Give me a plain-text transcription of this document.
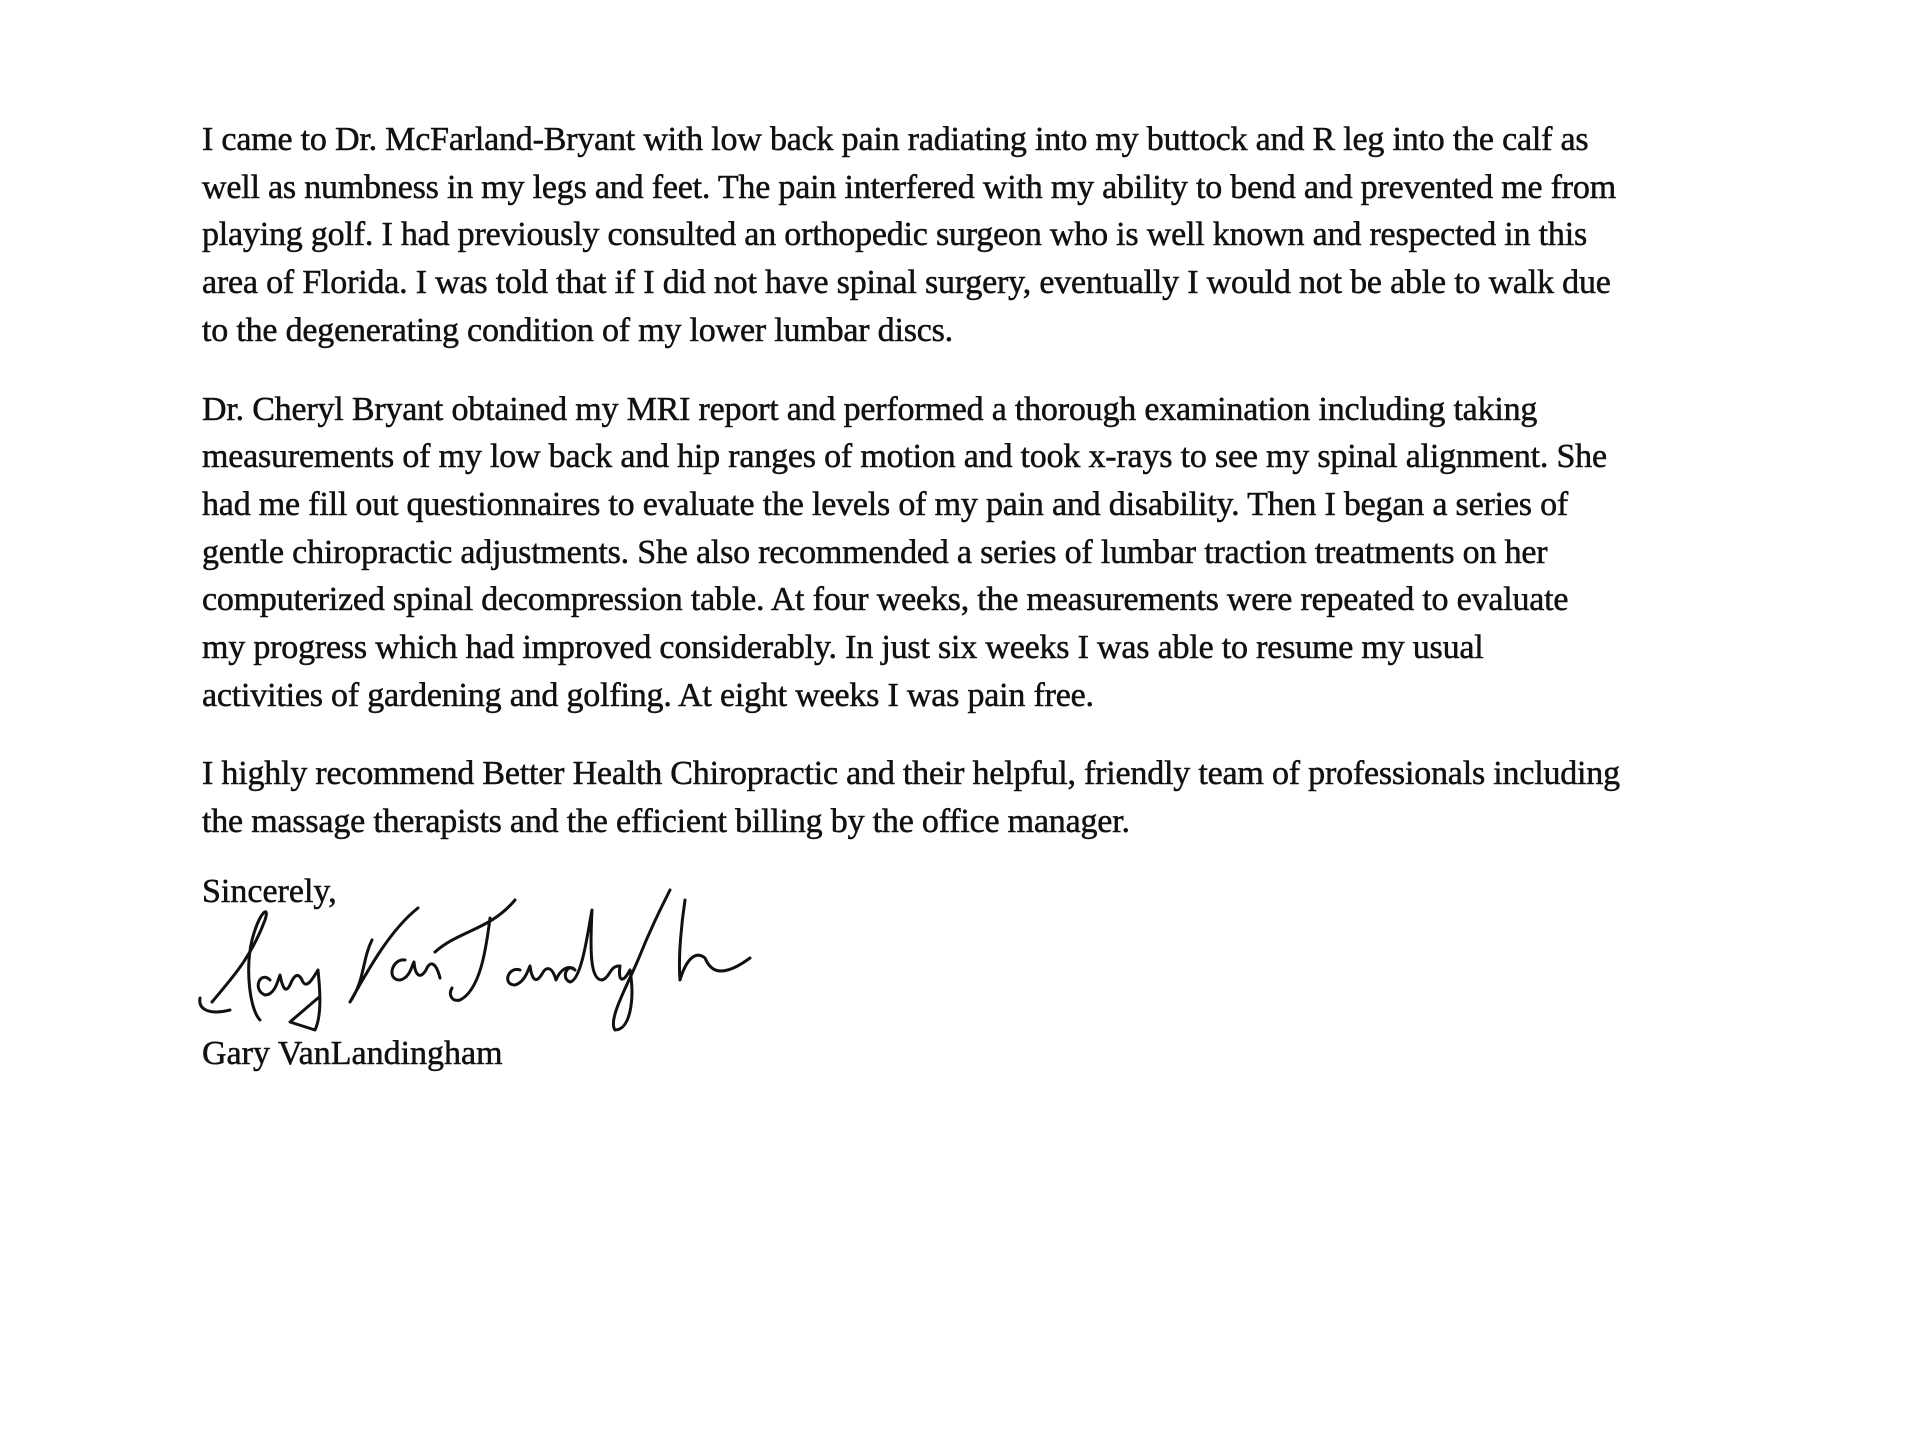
I came to Dr. McFarland-Bryant with low back pain radiating into my buttock and R leg into the calf as
well as numbness in my legs and feet. The pain interfered with my ability to bend and prevented me from
playing golf. I had previously consulted an orthopedic surgeon who is well known and respected in this
area of Florida. I was told that if I did not have spinal surgery, eventually I would not be able to walk due
to the degenerating condition of my lower lumbar discs.

Dr. Cheryl Bryant obtained my MRI report and performed a thorough examination including taking
measurements of my low back and hip ranges of motion and took x-rays to see my spinal alignment. She
had me fill out questionnaires to evaluate the levels of my pain and disability. Then I began a series of
gentle chiropractic adjustments. She also recommended a series of lumbar traction treatments on her
computerized spinal decompression table. At four weeks, the measurements were repeated to evaluate
my progress which had improved considerably. In just six weeks I was able to resume my usual
activities of gardening and golfing. At eight weeks I was pain free.

I highly recommend Better Health Chiropractic and their helpful, friendly team of professionals including
the massage therapists and the efficient billing by the office manager.

Sincerely,
Gary VanLandingham
